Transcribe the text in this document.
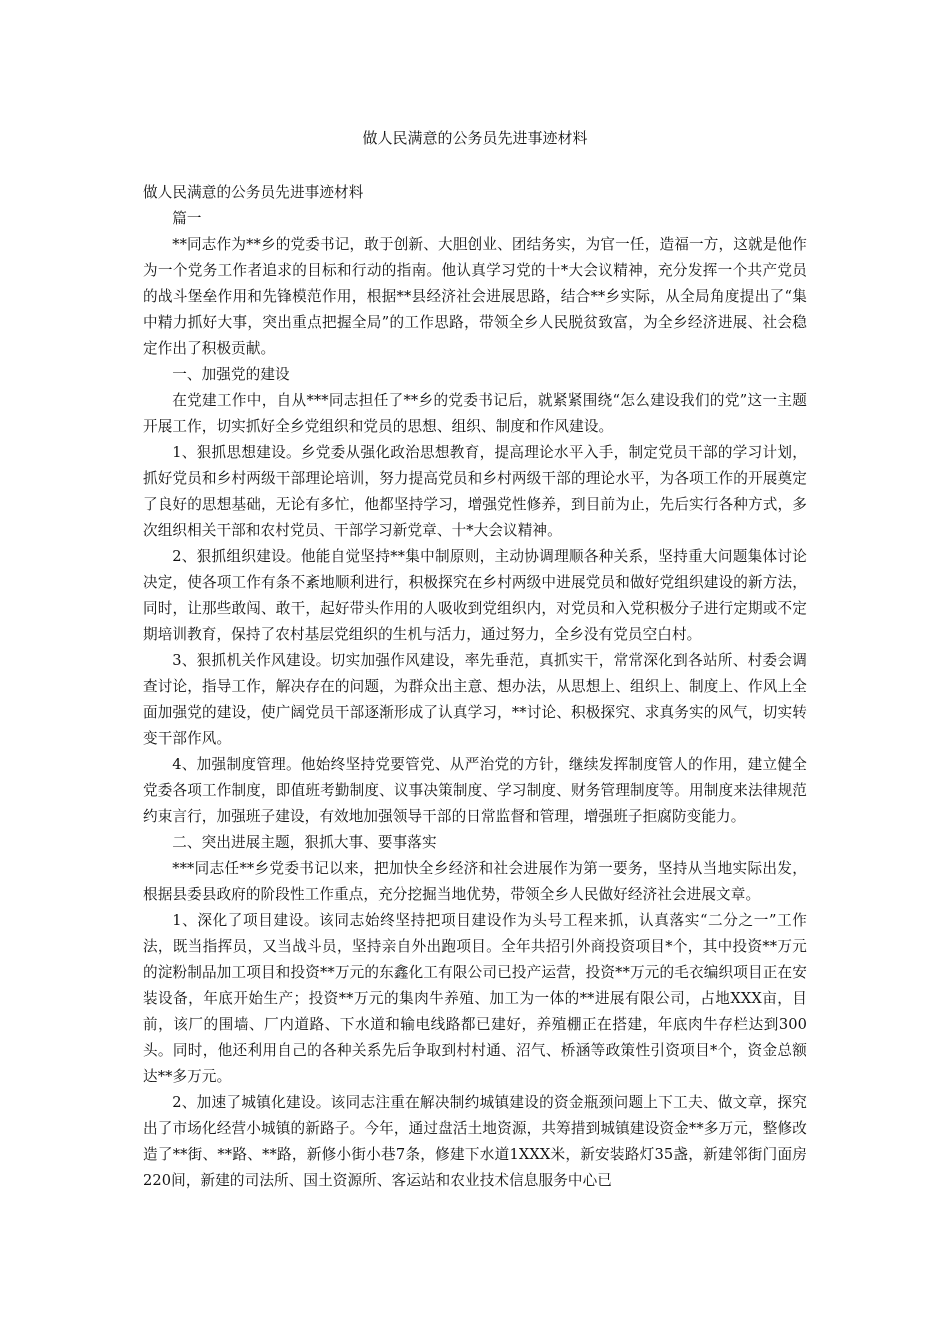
做人民满意的公务员先进事迹材料

做人民满意的公务员先进事迹材料

篇一

**同志作为**乡的党委书记，敢于创新、大胆创业、团结务实，为官一任，造福一方，这就是他作为一个党务工作者追求的目标和行动的指南。他认真学习党的十*大会议精神，充分发挥一个共产党员的战斗堡垒作用和先锋模范作用，根据**县经济社会进展思路，结合**乡实际，从全局角度提出了“集中精力抓好大事，突出重点把握全局”的工作思路，带领全乡人民脱贫致富，为全乡经济进展、社会稳定作出了积极贡献。

一、加强党的建设

在党建工作中，自从***同志担任了**乡的党委书记后，就紧紧围绕“怎么建设我们的党”这一主题开展工作，切实抓好全乡党组织和党员的思想、组织、制度和作风建设。

1、狠抓思想建设。乡党委从强化政治思想教育，提高理论水平入手，制定党员干部的学习计划，抓好党员和乡村两级干部理论培训，努力提高党员和乡村两级干部的理论水平，为各项工作的开展奠定了良好的思想基础，无论有多忙，他都坚持学习，增强党性修养，到目前为止，先后实行各种方式，多次组织相关干部和农村党员、干部学习新党章、十*大会议精神。

2、狠抓组织建设。他能自觉坚持**集中制原则，主动协调理顺各种关系，坚持重大问题集体讨论决定，使各项工作有条不紊地顺利进行，积极探究在乡村两级中进展党员和做好党组织建设的新方法，同时，让那些敢闯、敢干，起好带头作用的人吸收到党组织内，对党员和入党积极分子进行定期或不定期培训教育，保持了农村基层党组织的生机与活力，通过努力，全乡没有党员空白村。

3、狠抓机关作风建设。切实加强作风建设，率先垂范，真抓实干，常常深化到各站所、村委会调查讨论，指导工作，解决存在的问题，为群众出主意、想办法，从思想上、组织上、制度上、作风上全面加强党的建设，使广阔党员干部逐渐形成了认真学习，**讨论、积极探究、求真务实的风气，切实转变干部作风。

4、加强制度管理。他始终坚持党要管党、从严治党的方针，继续发挥制度管人的作用，建立健全党委各项工作制度，即值班考勤制度、议事决策制度、学习制度、财务管理制度等。用制度来法律规范约束言行，加强班子建设，有效地加强领导干部的日常监督和管理，增强班子拒腐防变能力。

二、突出进展主题，狠抓大事、要事落实

***同志任**乡党委书记以来，把加快全乡经济和社会进展作为第一要务，坚持从当地实际出发，根据县委县政府的阶段性工作重点，充分挖掘当地优势，带领全乡人民做好经济社会进展文章。

1、深化了项目建设。该同志始终坚持把项目建设作为头号工程来抓，认真落实“二分之一”工作法，既当指挥员，又当战斗员，坚持亲自外出跑项目。全年共招引外商投资项目*个，其中投资**万元的淀粉制品加工项目和投资**万元的东鑫化工有限公司已投产运营，投资**万元的毛衣编织项目正在安装设备，年底开始生产；投资**万元的集肉牛养殖、加工为一体的**进展有限公司，占地XXX亩，目前，该厂的围墙、厂内道路、下水道和输电线路都已建好，养殖棚正在搭建，年底肉牛存栏达到300头。同时，他还利用自己的各种关系先后争取到村村通、沼气、桥涵等政策性引资项目*个，资金总额达**多万元。

2、加速了城镇化建设。该同志注重在解决制约城镇建设的资金瓶颈问题上下工夫、做文章，探究出了市场化经营小城镇的新路子。今年，通过盘活土地资源，共筹措到城镇建设资金**多万元，整修改造了**街、**路、**路，新修小街小巷7条，修建下水道1XXX米，新安装路灯35盏，新建邻街门面房220间，新建的司法所、国土资源所、客运站和农业技术信息服务中心已
